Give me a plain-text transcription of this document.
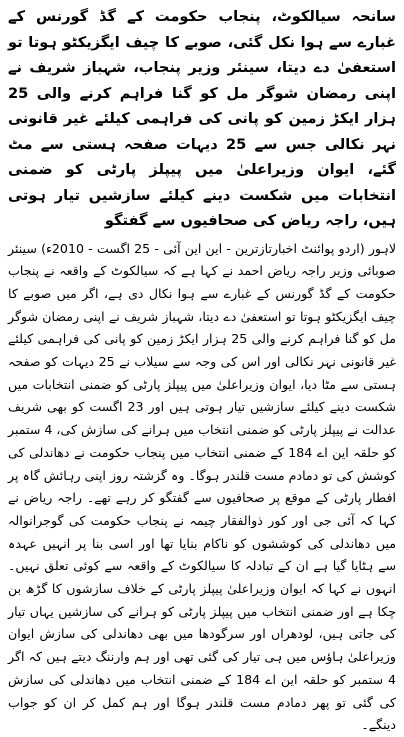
سانحہ سیالکوٹ، پنجاب حکومت کے گڈ گورنس کے غبارے سے ہوا نکل گئی، صوبے کا چیف ایگزیکٹو ہوتا تو استعفیٰ دے دیتا، سینئر وزیر پنجاب، شہباز شریف نے اپنی رمضان شوگر مل کو گنا فراہم کرنے والی 25 ہزار ایکڑ زمین کو پانی کی فراہمی کیلئے غیر قانونی نہر نکالی جس سے 25 دیہات صفحہ ہستی سے مٹ گئے، ایوان وزیراعلیٰ میں پیپلز پارٹی کو ضمنی انتخابات میں شکست دینے کیلئے سازشیں تیار ہوتی ہیں، راجہ ریاض کی صحافیوں سے گفتگو
لاہور (اردو پوائنٹ اخبارتازترین - این این آئی - 25 اگست - 2010ء) سینئر صوبائی وزیر راجہ ریاض احمد نے کہا ہے کہ سیالکوٹ کے واقعہ نے پنجاب حکومت کے گڈ گورنس کے غبارے سے ہوا نکال دی ہے، اگر میں صوبے کا چیف ایگزیکٹو ہوتا تو استعفیٰ دے دیتا، شہباز شریف نے اپنی رمضان شوگر مل کو گنا فراہم کرنے والی 25 ہزار ایکڑ زمین کو پانی کی فراہمی کیلئے غیر قانونی نہر نکالی اور اس کی وجہ سے سیلاب نے 25 دیہات کو صفحہ ہستی سے مٹا دیا، ایوان وزیراعلیٰ میں پیپلز پارٹی کو ضمنی انتخابات میں شکست دینے کیلئے سازشیں تیار ہوتی ہیں اور 23 اگست کو بھی شریف عدالت نے پیپلز پارٹی کو ضمنی انتخاب میں ہرانے کی سازش کی، 4 ستمبر کو حلقہ این اے 184 کے ضمنی انتخاب میں پنجاب حکومت نے دھاندلی کی کوشش کی تو دمادم مست قلندر ہوگا۔ وہ گزشتہ روز اپنی رہائش گاہ پر افطار پارٹی کے موقع پر صحافیوں سے گفتگو کر رہے تھے۔ راجہ ریاض نے کہا کہ آئی جی اور کور ذوالفقار چیمہ نے پنجاب حکومت کی گوجرانوالہ میں دھاندلی کی کوششوں کو ناکام بنایا تھا اور اسی بنا پر انہیں عہدہ سے ہٹایا گیا ہے ان کے تبادلہ کا سیالکوٹ کے واقعہ سے کوئی تعلق نہیں۔ انہوں نے کہا کہ ایوان وزیراعلیٰ پیپلز پارٹی کے خلاف سازشوں کا گڑھ بن چکا ہے اور ضمنی انتخاب میں پیپلز پارٹی کو ہرانے کی سازشیں یہاں تیار کی جاتی ہیں، لودھراں اور سرگودھا میں بھی دھاندلی کی سازش ایوان وزیراعلیٰ ہاؤس میں ہی تیار کی گئی تھی اور ہم وارننگ دیتے ہیں کہ اگر 4 ستمبر کو حلقہ این اے 184 کے ضمنی انتخاب میں دھاندلی کی سازش کی گئی تو پھر دمادم مست قلندر ہوگا اور ہم کمل کر ان کو جواب دینگے۔
